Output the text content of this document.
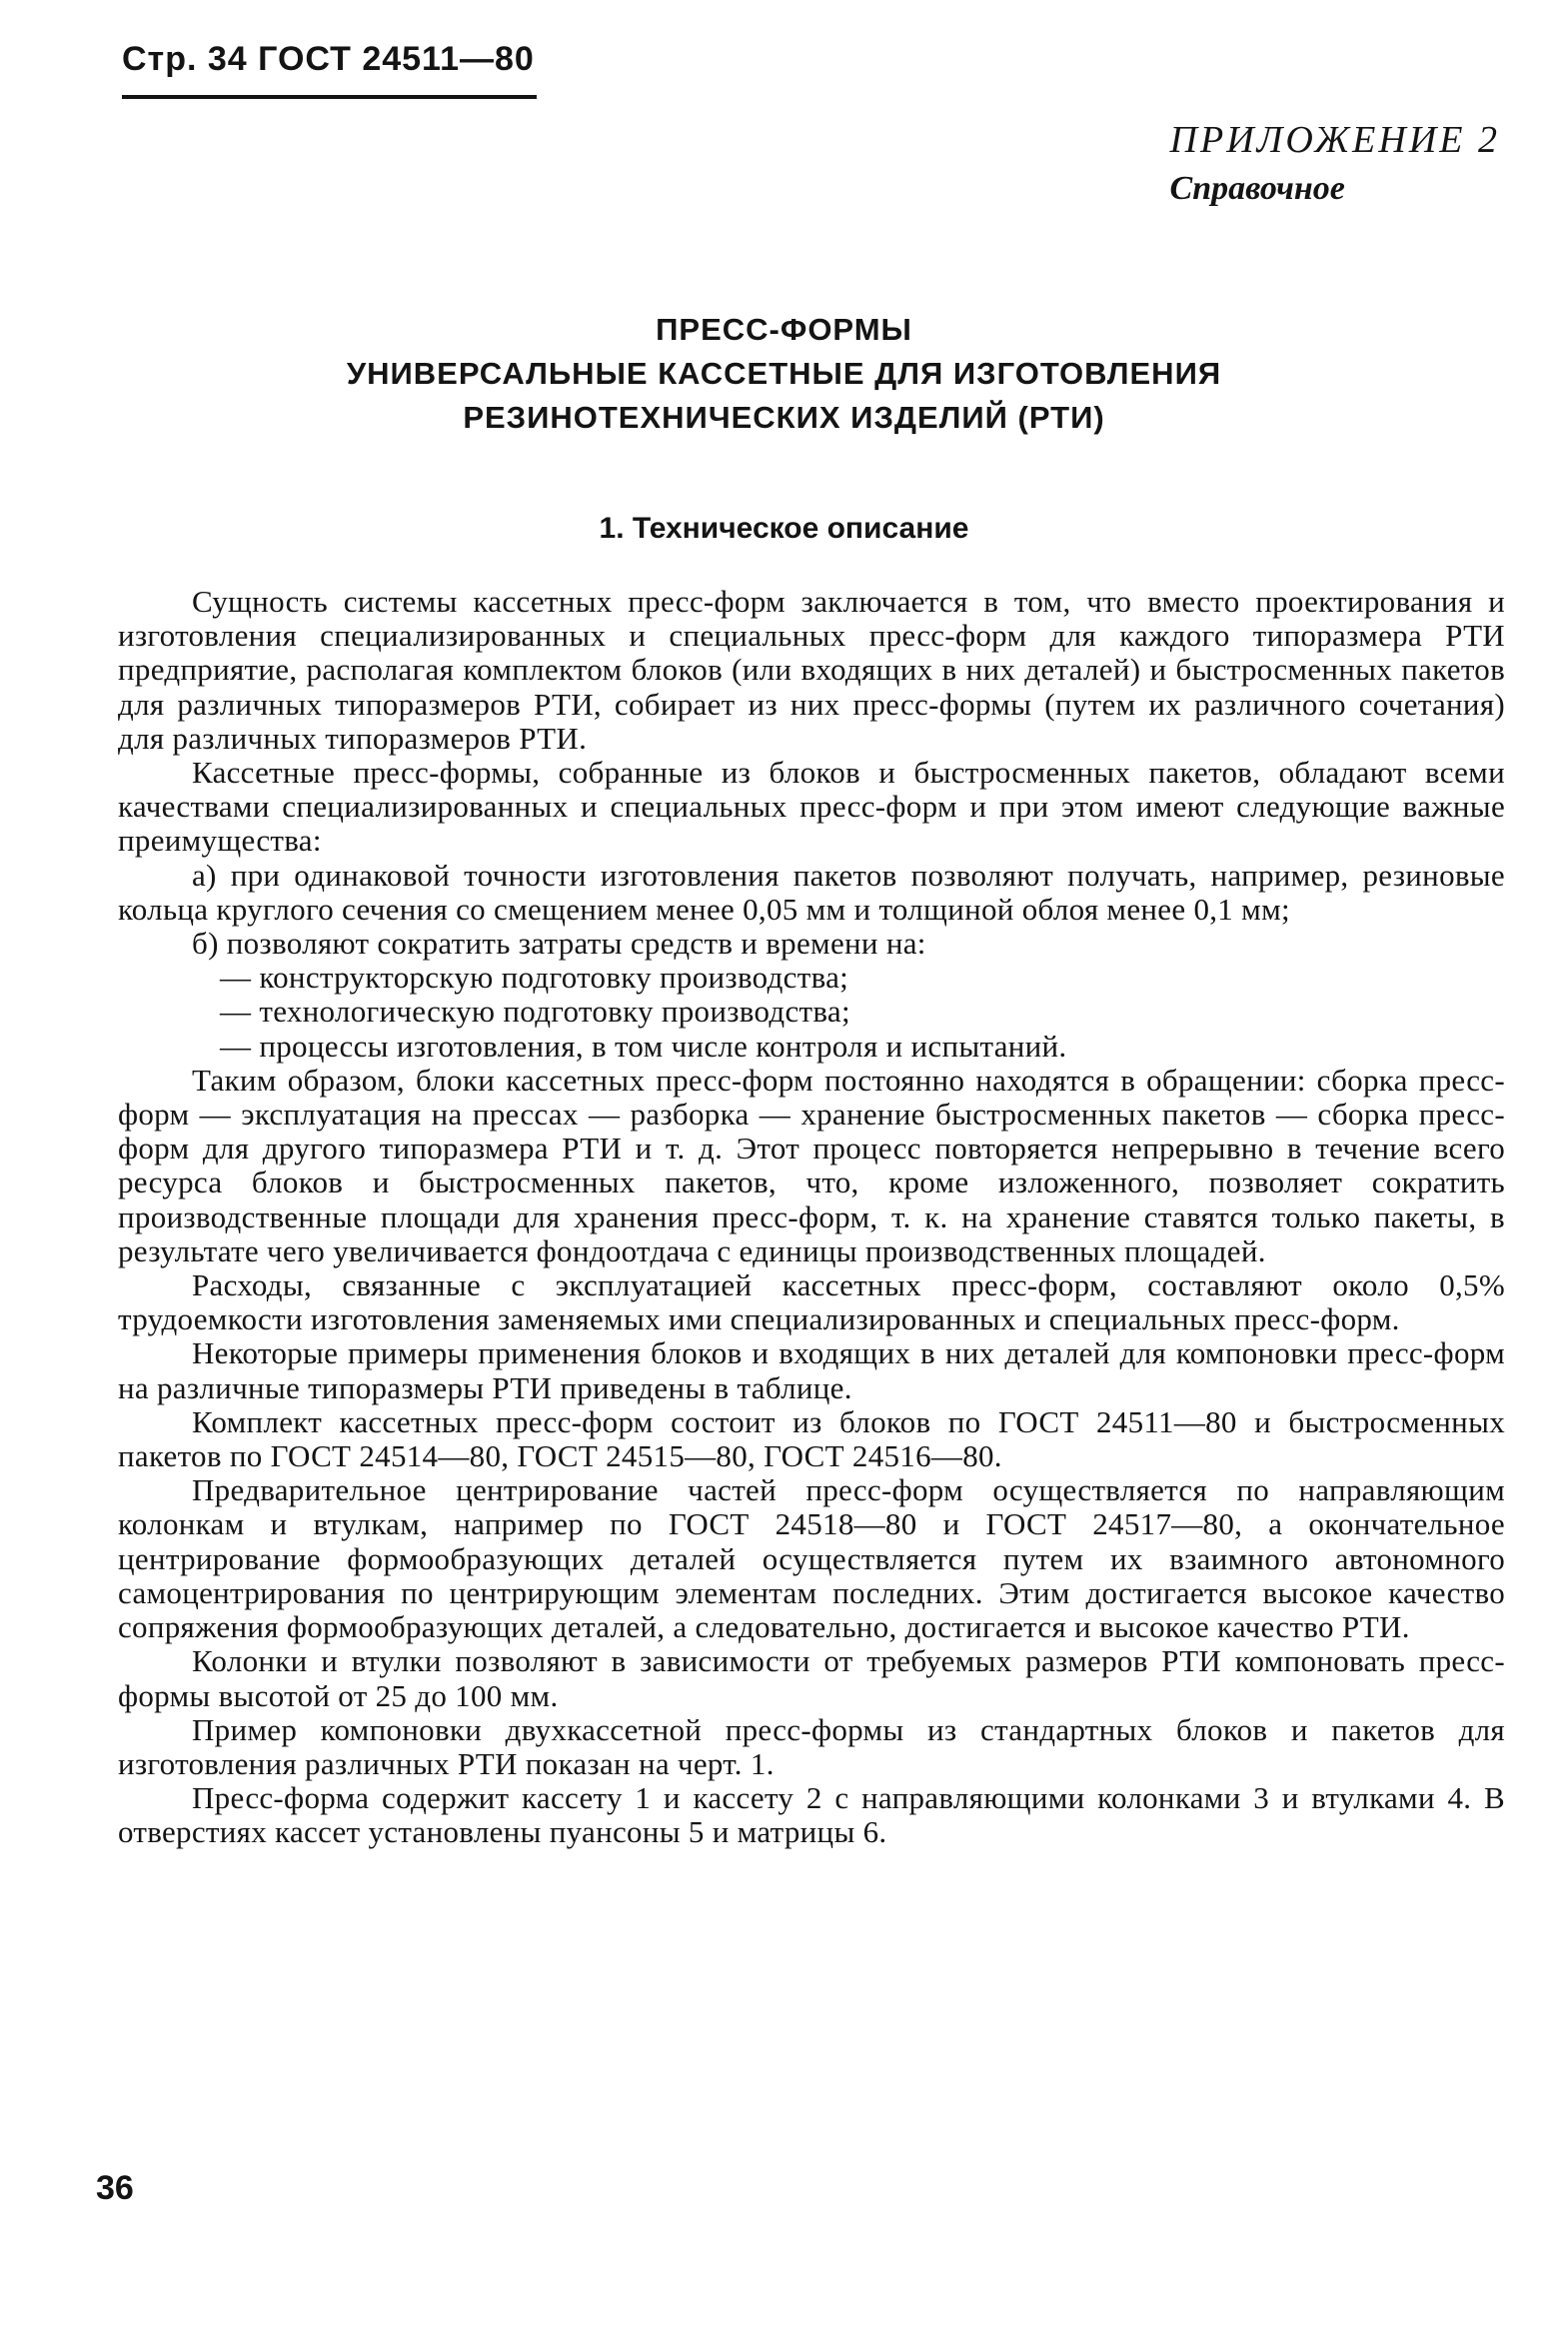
Стр. 34 ГОСТ 24511—80
ПРИЛОЖЕНИЕ 2
Справочное
ПРЕСС-ФОРМЫ
УНИВЕРСАЛЬНЫЕ КАССЕТНЫЕ ДЛЯ ИЗГОТОВЛЕНИЯ
РЕЗИНОТЕХНИЧЕСКИХ ИЗДЕЛИЙ (РТИ)
1. Техническое описание

Сущность системы кассетных пресс-форм заключается в том, что вместо проектирования и изготовления специализированных и специальных пресс-форм для каждого типоразмера РТИ предприятие, располагая комплектом блоков (или входящих в них деталей) и быстросменных пакетов для различных типоразмеров РТИ, собирает из них пресс-формы (путем их различного сочетания) для различных типоразмеров РТИ.

Кассетные пресс-формы, собранные из блоков и быстросменных пакетов, обладают всеми качествами специализированных и специальных пресс-форм и при этом имеют следующие важные преимущества:

а) при одинаковой точности изготовления пакетов позволяют получать, например, резиновые кольца круглого сечения со смещением менее 0,05 мм и толщиной облоя менее 0,1 мм;

б) позволяют сократить затраты средств и времени на:

— конструкторскую подготовку производства;

— технологическую подготовку производства;

— процессы изготовления, в том числе контроля и испытаний.

Таким образом, блоки кассетных пресс-форм постоянно находятся в обращении: сборка пресс-форм — эксплуатация на прессах — разборка — хранение быстросменных пакетов — сборка пресс-форм для другого типоразмера РТИ и т. д. Этот процесс повторяется непрерывно в течение всего ресурса блоков и быстросменных пакетов, что, кроме изложенного, позволяет сократить производственные площади для хранения пресс-форм, т. к. на хранение ставятся только пакеты, в результате чего увеличивается фондоотдача с единицы производственных площадей.

Расходы, связанные с эксплуатацией кассетных пресс-форм, составляют около 0,5% трудоемкости изготовления заменяемых ими специализированных и специальных пресс-форм.

Некоторые примеры применения блоков и входящих в них деталей для компоновки пресс-форм на различные типоразмеры РТИ приведены в таблице.

Комплект кассетных пресс-форм состоит из блоков по ГОСТ 24511—80 и быстросменных пакетов по ГОСТ 24514—80, ГОСТ 24515—80, ГОСТ 24516—80.

Предварительное центрирование частей пресс-форм осуществляется по направляющим колонкам и втулкам, например по ГОСТ 24518—80 и ГОСТ 24517—80, а окончательное центрирование формообразующих деталей осуществляется путем их взаимного автономного самоцентрирования по центрирующим элементам последних. Этим достигается высокое качество сопряжения формообразующих деталей, а следовательно, достигается и высокое качество РТИ.

Колонки и втулки позволяют в зависимости от требуемых размеров РТИ компоновать пресс-формы высотой от 25 до 100 мм.

Пример компоновки двухкассетной пресс-формы из стандартных блоков и пакетов для изготовления различных РТИ показан на черт. 1.

Пресс-форма содержит кассету 1 и кассету 2 с направляющими колонками 3 и втулками 4. В отверстиях кассет установлены пуансоны 5 и матрицы 6.

36
